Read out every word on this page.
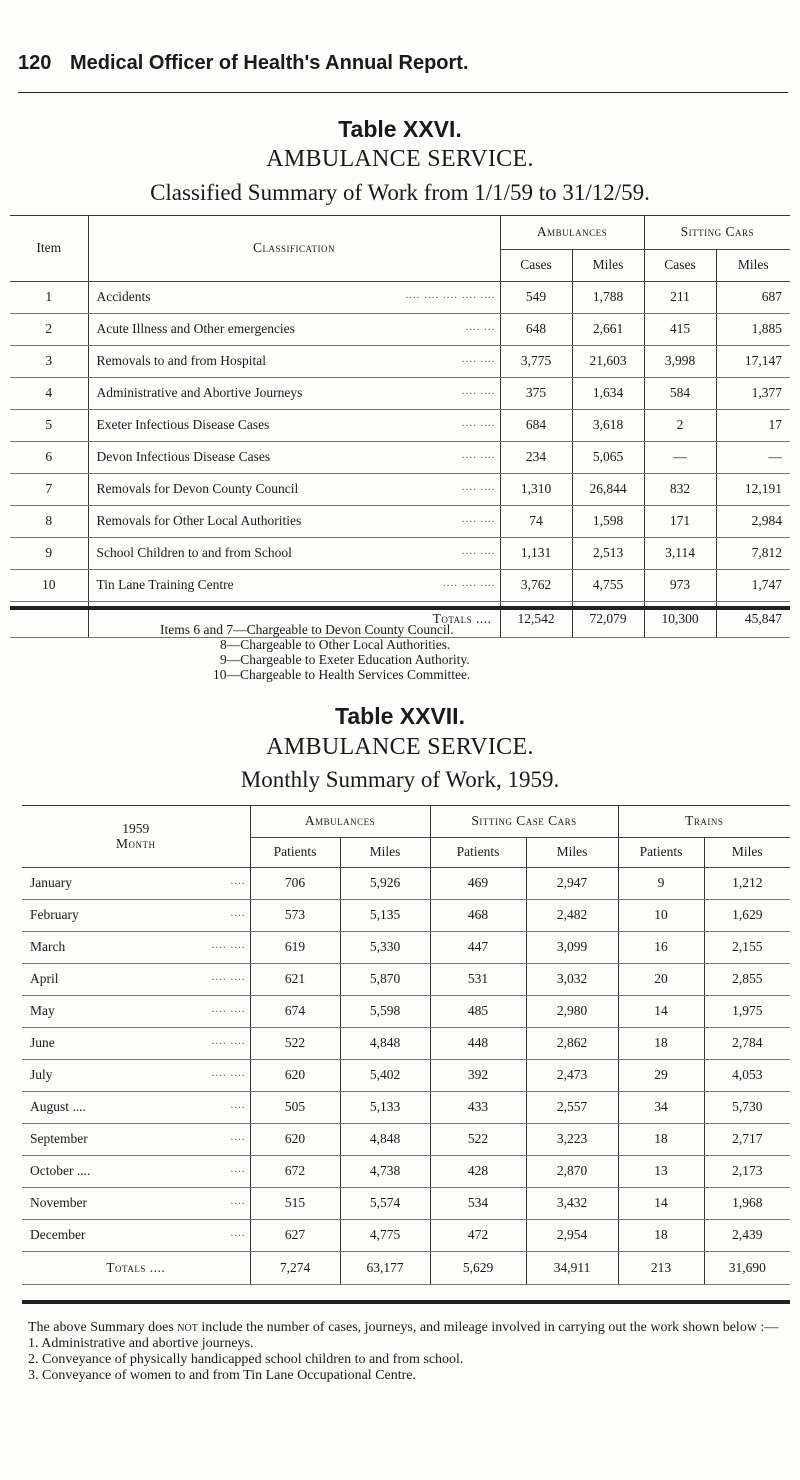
120 Medical Officer of Health's Annual Report.
Table XXVI.
AMBULANCE SERVICE.
Classified Summary of Work from 1/1/59 to 31/12/59.
Item	Classification	Ambulances		Sitting Cars	
		Cases	Miles	Cases	Miles
1	Accidents .... .... .... .... ....	549	1,788	211	687
2	Acute Illness and Other emergencies .... ...	648	2,661	415	1,885
3	Removals to and from Hospital .... ....	3,775	21,603	3,998	17,147
4	Administrative and Abortive Journeys .... ....	375	1,634	584	1,377
5	Exeter Infectious Disease Cases .... ....	684	3,618	2	17
6	Devon Infectious Disease Cases .... ....	234	5,065	—	—
7	Removals for Devon County Council .... ....	1,310	26,844	832	12,191
8	Removals for Other Local Authorities .... ....	74	1,598	171	2,984
9	School Children to and from School .... ....	1,131	2,513	3,114	7,812
10	Tin Lane Training Centre .... .... ....	3,762	4,755	973	1,747
	Totals ....	12,542	72,079	10,300	45,847
Items 6 and 7—Chargeable to Devon County Council.
8—Chargeable to Other Local Authorities.
9—Chargeable to Exeter Education Authority.
10—Chargeable to Health Services Committee.
Table XXVII.
AMBULANCE SERVICE.
Monthly Summary of Work, 1959.
1959
Month	Ambulances		Sitting Case Cars		Trains	
	Patients	Miles	Patients	Miles	Patients	Miles
January ....	706	5,926	469	2,947	9	1,212
February ....	573	5,135	468	2,482	10	1,629
March .... ....	619	5,330	447	3,099	16	2,155
April .... ....	621	5,870	531	3,032	20	2,855
May .... ....	674	5,598	485	2,980	14	1,975
June .... ....	522	4,848	448	2,862	18	2,784
July .... ....	620	5,402	392	2,473	29	4,053
August .... ....	505	5,133	433	2,557	34	5,730
September ....	620	4,848	522	3,223	18	2,717
October .... ....	672	4,738	428	2,870	13	2,173
November ....	515	5,574	534	3,432	14	1,968
December ....	627	4,775	472	2,954	18	2,439
Totals ....	7,274	63,177	5,629	34,911	213	31,690
The above Summary does not include the number of cases, journeys, and mileage involved in carrying out the work shown below :—
1. Administrative and abortive journeys.
2. Conveyance of physically handicapped school children to and from school.
3. Conveyance of women to and from Tin Lane Occupational Centre.
